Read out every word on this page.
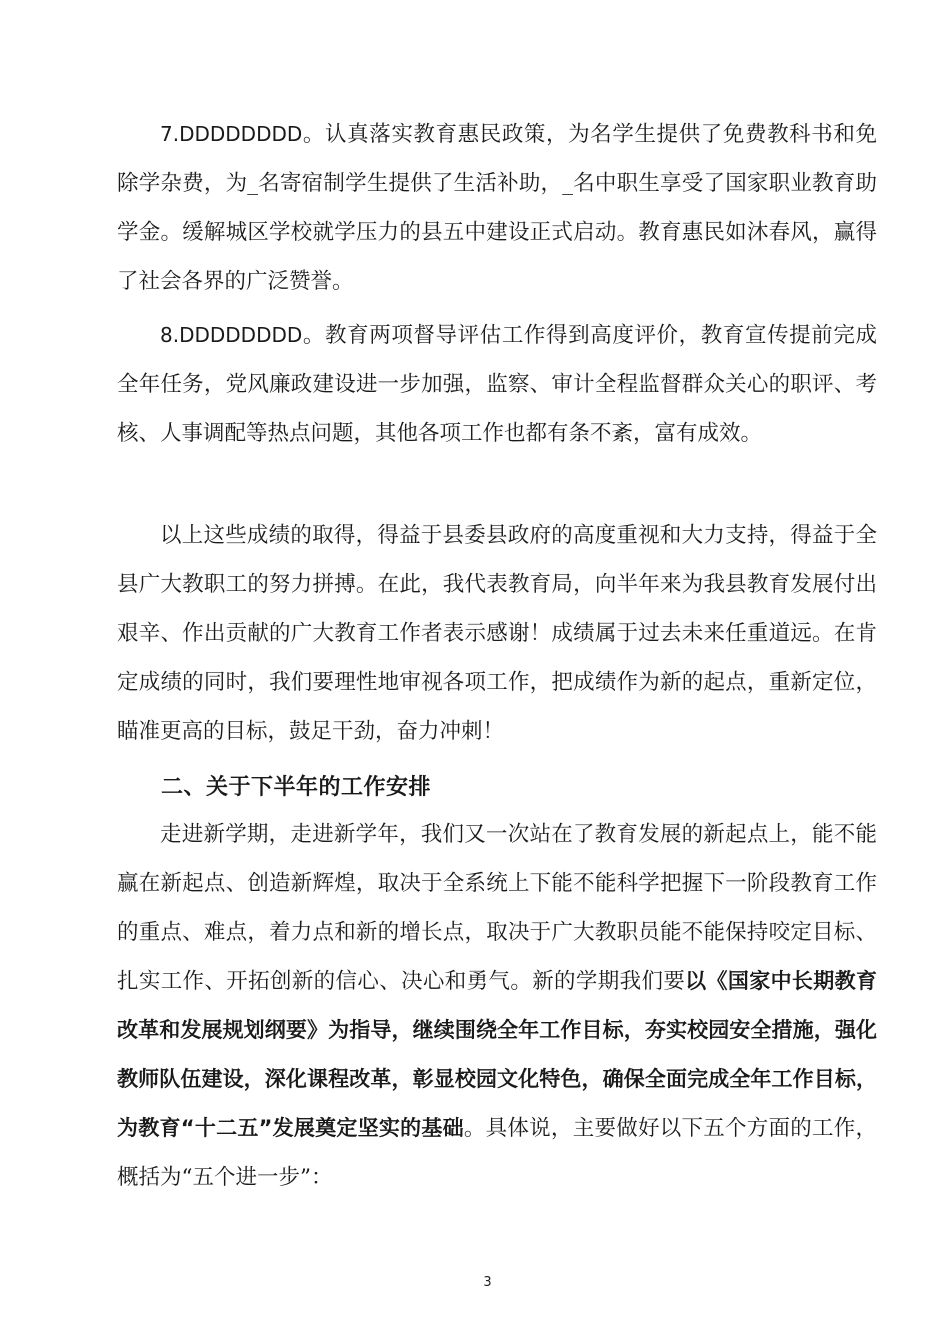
7.DDDDDDDD。认真落实教育惠民政策，为名学生提供了免费教科书和免除学杂费，为_名寄宿制学生提供了生活补助，_名中职生享受了国家职业教育助学金。缓解城区学校就学压力的县五中建设正式启动。教育惠民如沐春风，赢得了社会各界的广泛赞誉。

8.DDDDDDDD。教育两项督导评估工作得到高度评价，教育宣传提前完成全年任务，党风廉政建设进一步加强，监察、审计全程监督群众关心的职评、考核、人事调配等热点问题，其他各项工作也都有条不紊，富有成效。

以上这些成绩的取得，得益于县委县政府的高度重视和大力支持，得益于全县广大教职工的努力拼搏。在此，我代表教育局，向半年来为我县教育发展付出艰辛、作出贡献的广大教育工作者表示感谢！成绩属于过去未来任重道远。在肯定成绩的同时，我们要理性地审视各项工作，把成绩作为新的起点，重新定位，瞄准更高的目标，鼓足干劲，奋力冲刺！

二、关于下半年的工作安排

走进新学期，走进新学年，我们又一次站在了教育发展的新起点上，能不能赢在新起点、创造新辉煌，取决于全系统上下能不能科学把握下一阶段教育工作的重点、难点，着力点和新的增长点，取决于广大教职员能不能保持咬定目标、扎实工作、开拓创新的信心、决心和勇气。新的学期我们要以《国家中长期教育改革和发展规划纲要》为指导，继续围绕全年工作目标，夯实校园安全措施，强化教师队伍建设，深化课程改革，彰显校园文化特色，确保全面完成全年工作目标，为教育“十二五”发展奠定坚实的基础。具体说，主要做好以下五个方面的工作，概括为“五个进一步”：

3
